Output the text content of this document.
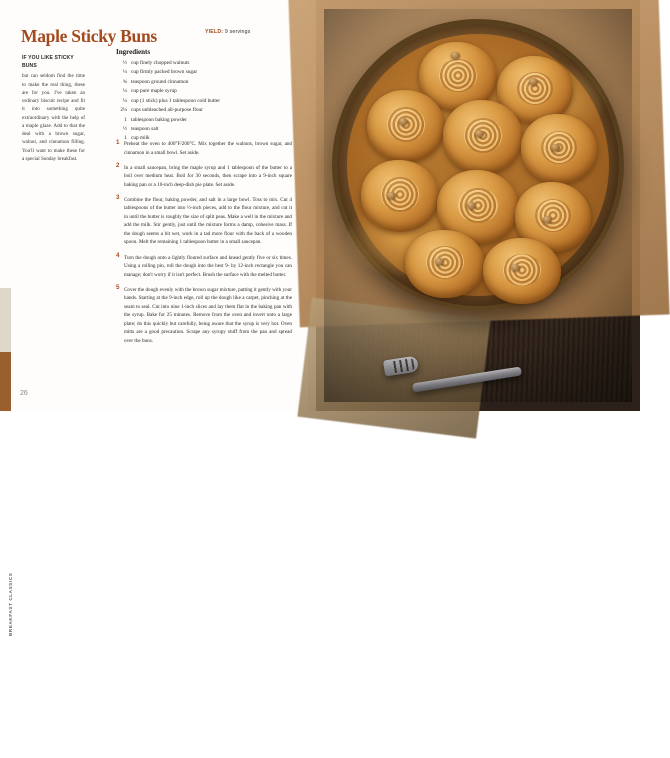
BREAKFAST CLASSICS
SWEET BREAKFASTS
26
Maple Sticky Buns
IF YOU LIKE STICKY BUNS
but can seldom find the time to make the real thing, these are for you. I've taken an ordinary biscuit recipe and fit it into something quite extraordinary with the help of a maple glaze. Add to that the deal with a brown sugar, walnut, and cinnamon filling. You'll want to make these for a special Sunday breakfast.
YIELD: 9 servings
Ingredients
½ cup finely chopped walnuts
¼ cup firmly packed brown sugar
¾ teaspoon ground cinnamon
¼ cup pure maple syrup
¼ cup (1 stick) plus 1 tablespoon cold butter
2¼ cups unbleached all-purpose flour
1 tablespoon baking powder
½ teaspoon salt
1 cup milk
1 Preheat the oven to 400°F/200°C. Mix together the walnuts, brown sugar, and cinnamon in a small bowl. Set aside.
2 In a small saucepan, bring the maple syrup and 1 tablespoon of the butter to a boil over medium heat. Boil for 30 seconds, then scrape into a 9-inch square baking pan or a 10-inch deep-dish pie plate. Set aside.
3 Combine the flour, baking powder, and salt in a large bowl. Toss to mix. Cut 4 tablespoons of the butter into ½-inch pieces, add to the flour mixture, and cut it in until the butter is roughly the size of split peas. Make a well in the mixture and add the milk. Stir gently, just until the mixture forms a damp, cohesive mass. If the dough seems a bit wet, work in a tad more flour with the back of a wooden spoon. Melt the remaining 1 tablespoon butter in a small saucepan.
4 Turn the dough onto a lightly floured surface and knead gently five or six times. Using a rolling pin, roll the dough into the best 9- by 12-inch rectangle you can manage; don't worry if it isn't perfect. Brush the surface with the melted butter.
5 Cover the dough evenly with the brown sugar mixture, patting it gently with your hands. Starting at the 9-inch edge, roll up the dough like a carpet, pinching at the seam to seal. Cut into nine 1-inch slices and lay them flat in the baking pan with the syrup. Bake for 25 minutes. Remove from the oven and invert onto a large plate; do this quickly but carefully, being aware that the syrup is very hot. Oven mitts are a good precaution. Scrape any syrupy stuff from the pan and spread over the buns.
